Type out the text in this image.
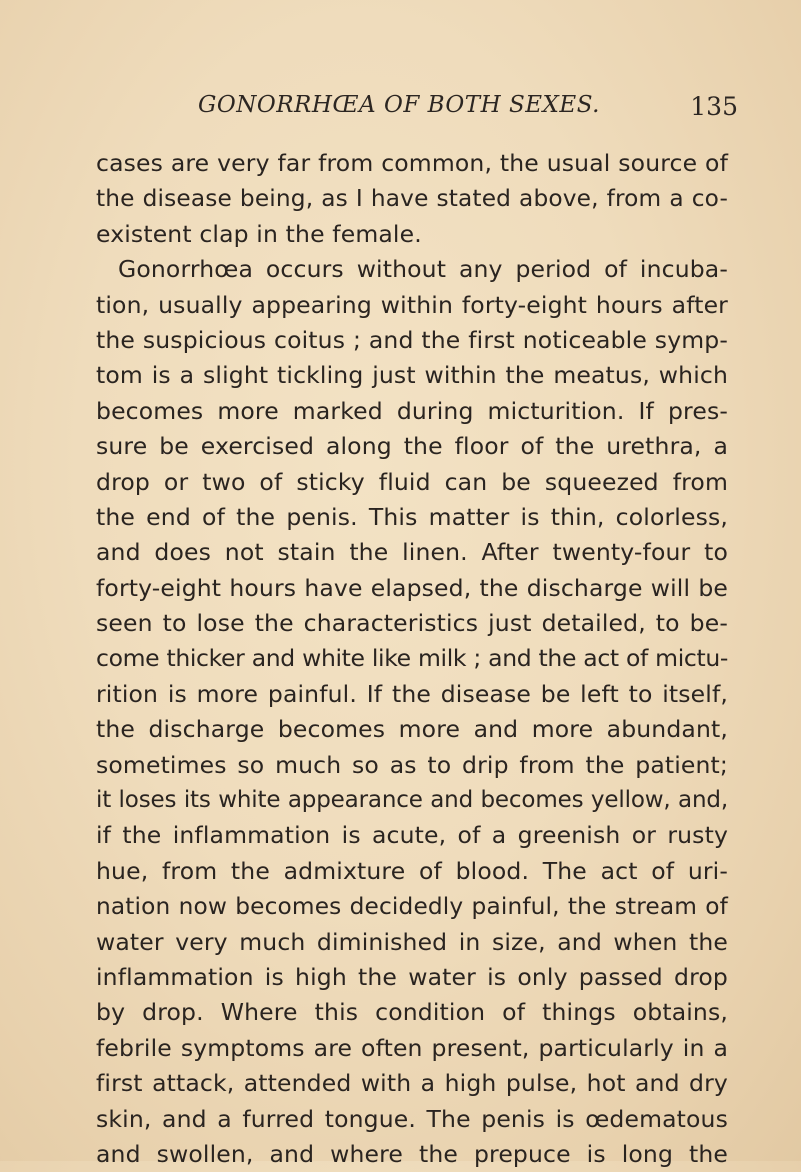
GONORRHŒA OF BOTH SEXES.	135
cases are very far from common, the usual source of
the disease being, as I have stated above, from a co-
existent clap in the female.
Gonorrhœa occurs without any period of incuba-
tion, usually appearing within forty-eight hours after
the suspicious coitus ; and the first noticeable symp-
tom is a slight tickling just within the meatus, which
becomes more marked during micturition. If pres-
sure be exercised along the floor of the urethra, a
drop or two of sticky fluid can be squeezed from
the end of the penis. This matter is thin, colorless,
and does not stain the linen. After twenty-four to
forty-eight hours have elapsed, the discharge will be
seen to lose the characteristics just detailed, to be-
come thicker and white like milk ; and the act of mictu-
rition is more painful. If the disease be left to itself,
the discharge becomes more and more abundant,
sometimes so much so as to drip from the patient;
it loses its white appearance and becomes yellow, and,
if the inflammation is acute, of a greenish or rusty
hue, from the admixture of blood. The act of uri-
nation now becomes decidedly painful, the stream of
water very much diminished in size, and when the
inflammation is high the water is only passed drop
by drop. Where this condition of things obtains,
febrile symptoms are often present, particularly in a
first attack, attended with a high pulse, hot and dry
skin, and a furred tongue. The penis is œdematous
and swollen, and where the prepuce is long the
